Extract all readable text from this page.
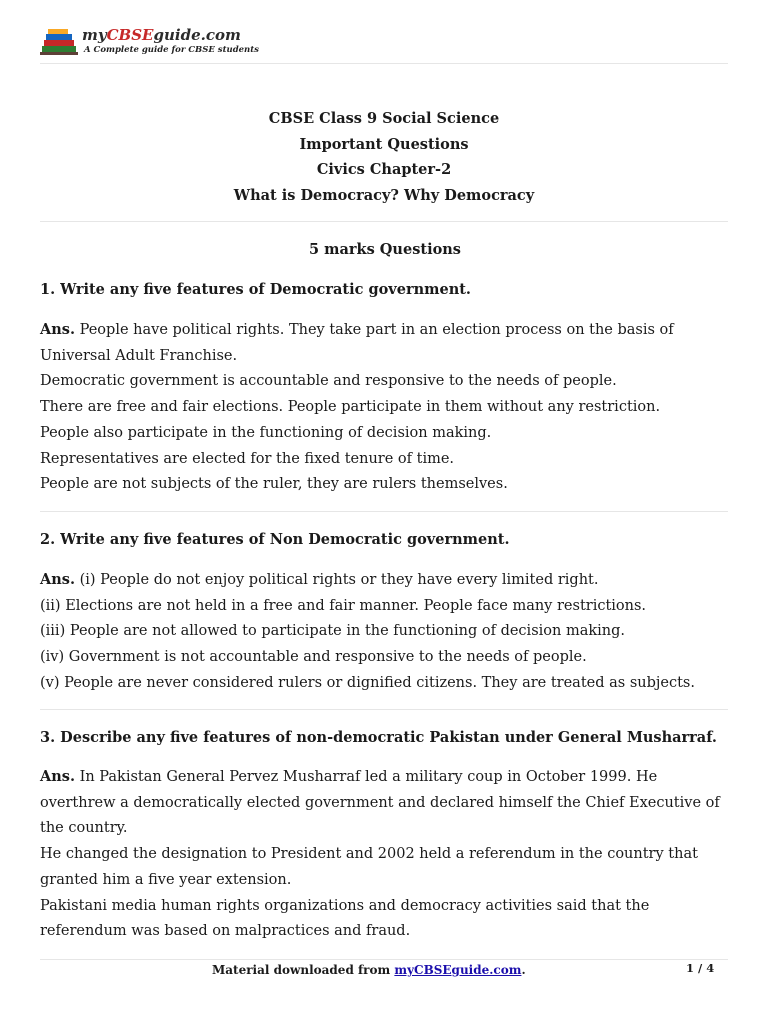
myCBSEguide.com
A Complete guide for CBSE students
CBSE Class 9 Social Science
Important Questions
Civics Chapter-2
What is Democracy? Why Democracy

5 marks Questions

1. Write any five features of Democratic government.

Ans. People have political rights. They take part in an election process on the basis of Universal Adult Franchise.

Democratic government is accountable and responsive to the needs of people.

There are free and fair elections. People participate in them without any restriction.

People also participate in the functioning of decision making.

Representatives are elected for the fixed tenure of time.

People are not subjects of the ruler, they are rulers themselves.

2. Write any five features of Non Democratic government.

Ans. (i) People do not enjoy political rights or they have every limited right.

(ii) Elections are not held in a free and fair manner. People face many restrictions.

(iii) People are not allowed to participate in the functioning of decision making.

(iv) Government is not accountable and responsive to the needs of people.

(v) People are never considered rulers or dignified citizens. They are treated as subjects.

3. Describe any five features of non-democratic Pakistan under General Musharraf.

Ans. In Pakistan General Pervez Musharraf led a military coup in October 1999. He overthrew a democratically elected government and declared himself the Chief Executive of the country.

He changed the designation to President and 2002 held a referendum in the country that granted him a five year extension.

Pakistani media human rights organizations and democracy activities said that the referendum was based on malpractices and fraud.

Material downloaded from myCBSEguide.com.	1 / 4
